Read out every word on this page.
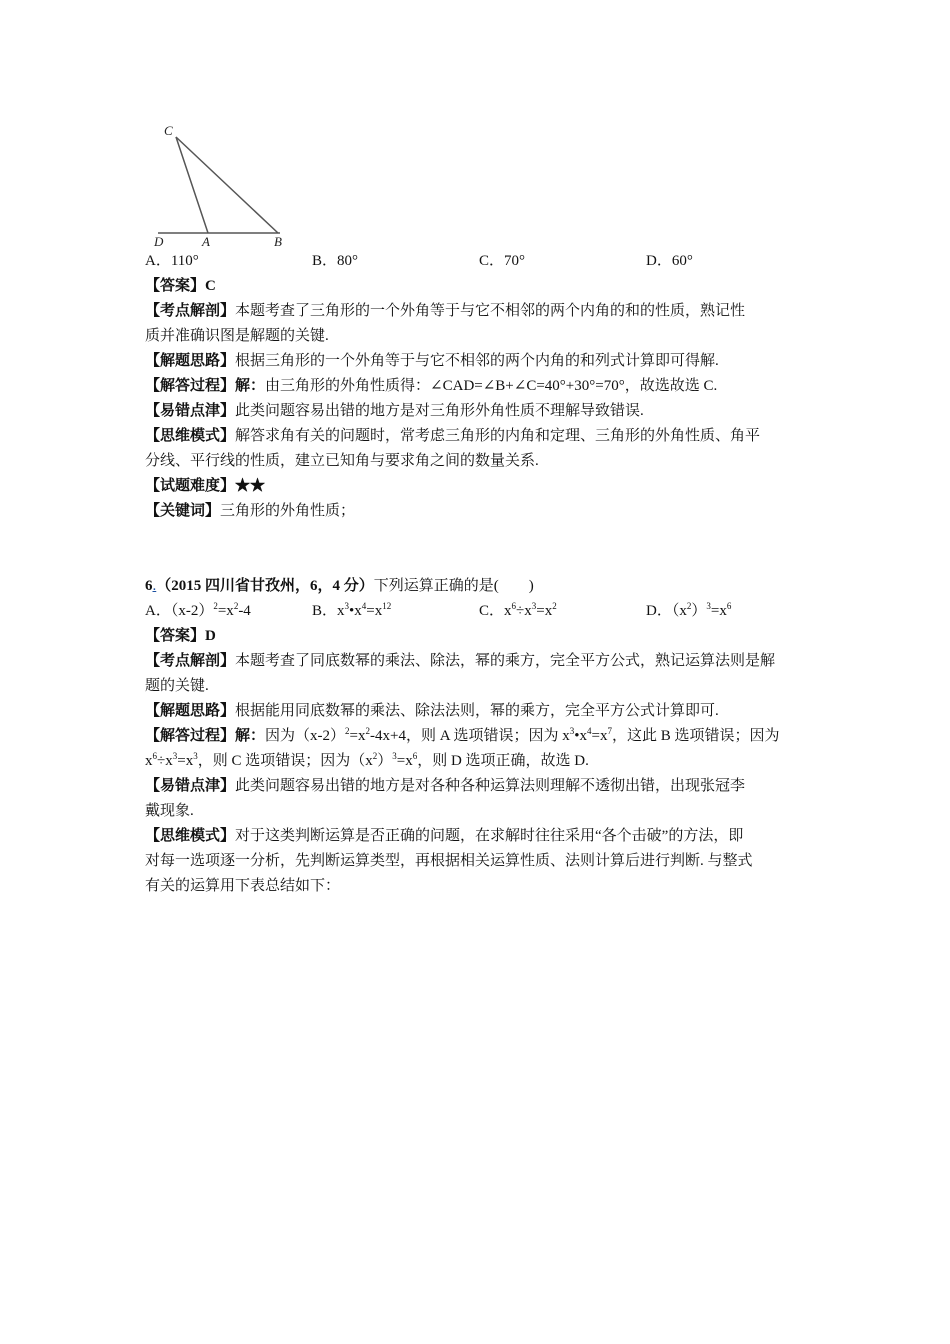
C
D	A	B
A．110°	B．80°	C．70°	D．60°
【答案】C
【考点解剖】本题考查了三角形的一个外角等于与它不相邻的两个内角的和的性质，熟记性
质并准确识图是解题的关键.
【解题思路】根据三角形的一个外角等于与它不相邻的两个内角的和列式计算即可得解.
【解答过程】解：由三角形的外角性质得：∠CAD=∠B+∠C=40°+30°=70°，故选故选 C.
【易错点津】此类问题容易出错的地方是对三角形外角性质不理解导致错误.
【思维模式】解答求角有关的问题时，常考虑三角形的内角和定理、三角形的外角性质、角平
分线、平行线的性质，建立已知角与要求角之间的数量关系.
【试题难度】★★
【关键词】三角形的外角性质；
6.（2015 四川省甘孜州，6，4 分）下列运算正确的是(　　)
A．$(x-2)^2=x^2-4$	B．$x^3•x^4=x^{12}$	C．$x^6\div x^3=x^2$	D．$(x^2)^3=x^6$
【答案】D
【考点解剖】本题考查了同底数幂的乘法、除法，幂的乘方，完全平方公式，熟记运算法则是解
题的关键.
【解题思路】根据能用同底数幂的乘法、除法法则，幂的乘方，完全平方公式计算即可.
【解答过程】解：因为$(x-2)^2=x^2-4x+4$，则 A 选项错误；因为 $x^3•x^4=x^7$，这此 B 选项错误；因为
$x^6\div x^3=x^3$，则 C 选项错误；因为$(x^2)^3=x^6$，则 D 选项正确，故选 D.
【易错点津】此类问题容易出错的地方是对各种各种运算法则理解不透彻出错，出现张冠李
戴现象.
【思维模式】对于这类判断运算是否正确的问题，在求解时往往采用“各个击破”的方法，即
对每一选项逐一分析，先判断运算类型，再根据相关运算性质、法则计算后进行判断. 与整式
有关的运算用下表总结如下：
